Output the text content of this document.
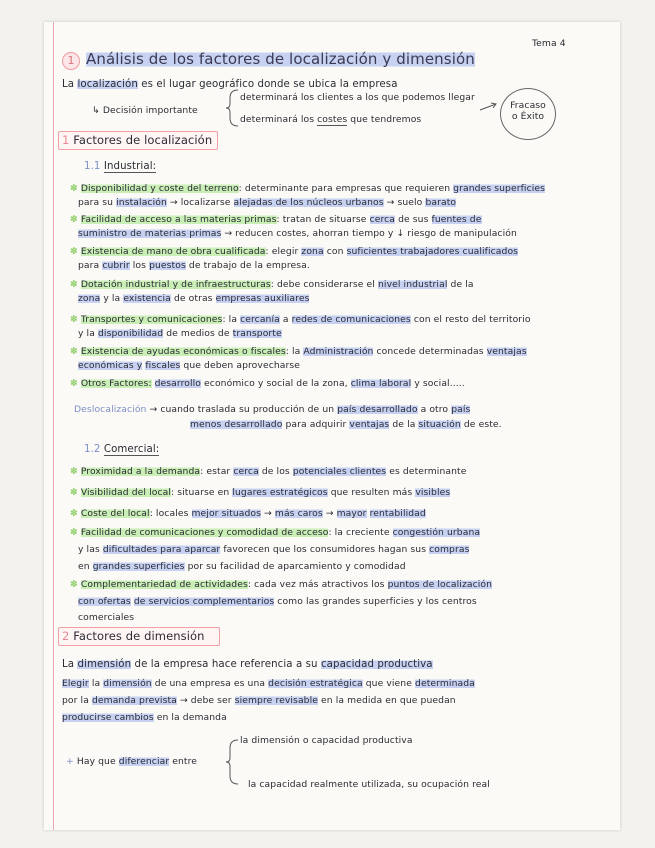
Tema 4
1 Análisis de los factores de localización y dimensión
La localización es el lugar geográfico donde se ubica la empresa
↳ Decisión importante
determinará los clientes a los que podemos llegar
determinará los costes que tendremos
Fracaso o Éxito
1 Factores de localización
1.1 Industrial:
✽ Disponibilidad y coste del terreno: determinante para empresas que requieren grandes superficies
para su instalación → localizarse alejadas de los núcleos urbanos → suelo barato
✽ Facilidad de acceso a las materias primas: tratan de situarse cerca de sus fuentes de
suministro de materias primas → reducen costes, ahorran tiempo y ↓ riesgo de manipulación
✽ Existencia de mano de obra cualificada: elegir zona con suficientes trabajadores cualificados
para cubrir los puestos de trabajo de la empresa.
✽ Dotación industrial y de infraestructuras: debe considerarse el nivel industrial de la
zona y la existencia de otras empresas auxiliares
✽ Transportes y comunicaciones: la cercanía a redes de comunicaciones con el resto del territorio
y la disponibilidad de medios de transporte
✽ Existencia de ayudas económicas o fiscales: la Administración concede determinadas ventajas
económicas y fiscales que deben aprovecharse
✽ Otros Factores: desarrollo económico y social de la zona, clima laboral y social.....
Deslocalización → cuando traslada su producción de un país desarrollado a otro país
menos desarrollado para adquirir ventajas de la situación de este.
1.2 Comercial:
✽ Proximidad a la demanda: estar cerca de los potenciales clientes es determinante
✽ Visibilidad del local: situarse en lugares estratégicos que resulten más visibles
✽ Coste del local: locales mejor situados → más caros → mayor rentabilidad
✽ Facilidad de comunicaciones y comodidad de acceso: la creciente congestión urbana
y las dificultades para aparcar favorecen que los consumidores hagan sus compras
en grandes superficies por su facilidad de aparcamiento y comodidad
✽ Complementariedad de actividades: cada vez más atractivos los puntos de localización
con ofertas de servicios complementarios como las grandes superficies y los centros
comerciales
2 Factores de dimensión
La dimensión de la empresa hace referencia a su capacidad productiva
Elegir la dimensión de una empresa es una decisión estratégica que viene determinada
por la demanda prevista → debe ser siempre revisable en la medida en que puedan
producirse cambios en la demanda
la dimensión o capacidad productiva
+ Hay que diferenciar entre
la capacidad realmente utilizada, su ocupación real
